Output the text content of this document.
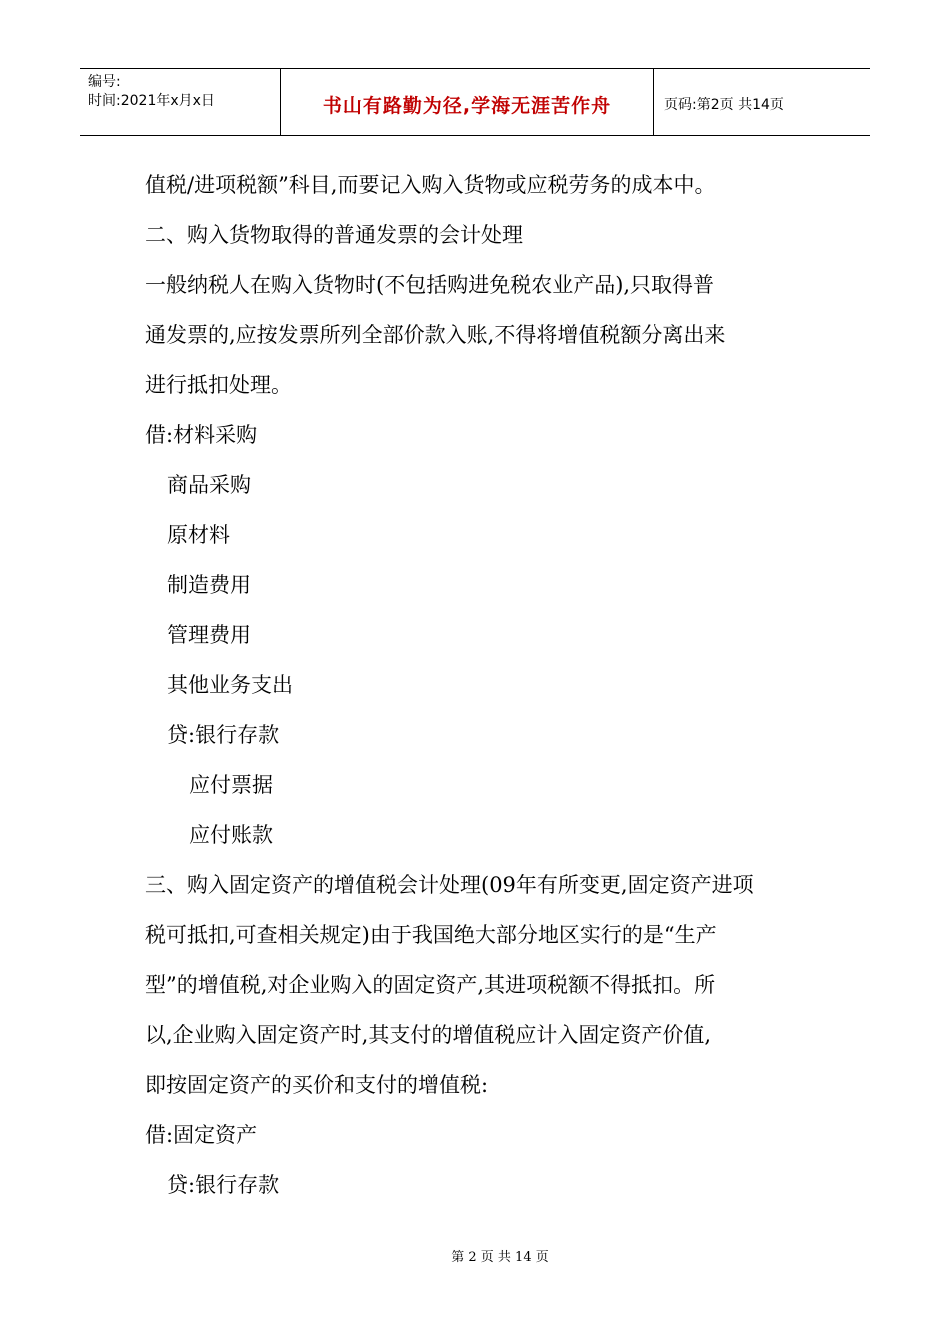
编号:
时间:2021年x月x日	书山有路勤为径,学海无涯苦作舟	页码:第2页 共14页
值税/进项税额”科目,而要记入购入货物或应税劳务的成本中。
二、购入货物取得的普通发票的会计处理
一般纳税人在购入货物时(不包括购进免税农业产品),只取得普
通发票的,应按发票所列全部价款入账,不得将增值税额分离出来
进行抵扣处理。
借:材料采购
商品采购
原材料
制造费用
管理费用
其他业务支出
贷:银行存款
应付票据
应付账款
三、购入固定资产的增值税会计处理(09年有所变更,固定资产进项
税可抵扣,可查相关规定)由于我国绝大部分地区实行的是“生产
型”的增值税,对企业购入的固定资产,其进项税额不得抵扣。所
以,企业购入固定资产时,其支付的增值税应计入固定资产价值,
即按固定资产的买价和支付的增值税:
借:固定资产
贷:银行存款
第 2 页 共 14 页
